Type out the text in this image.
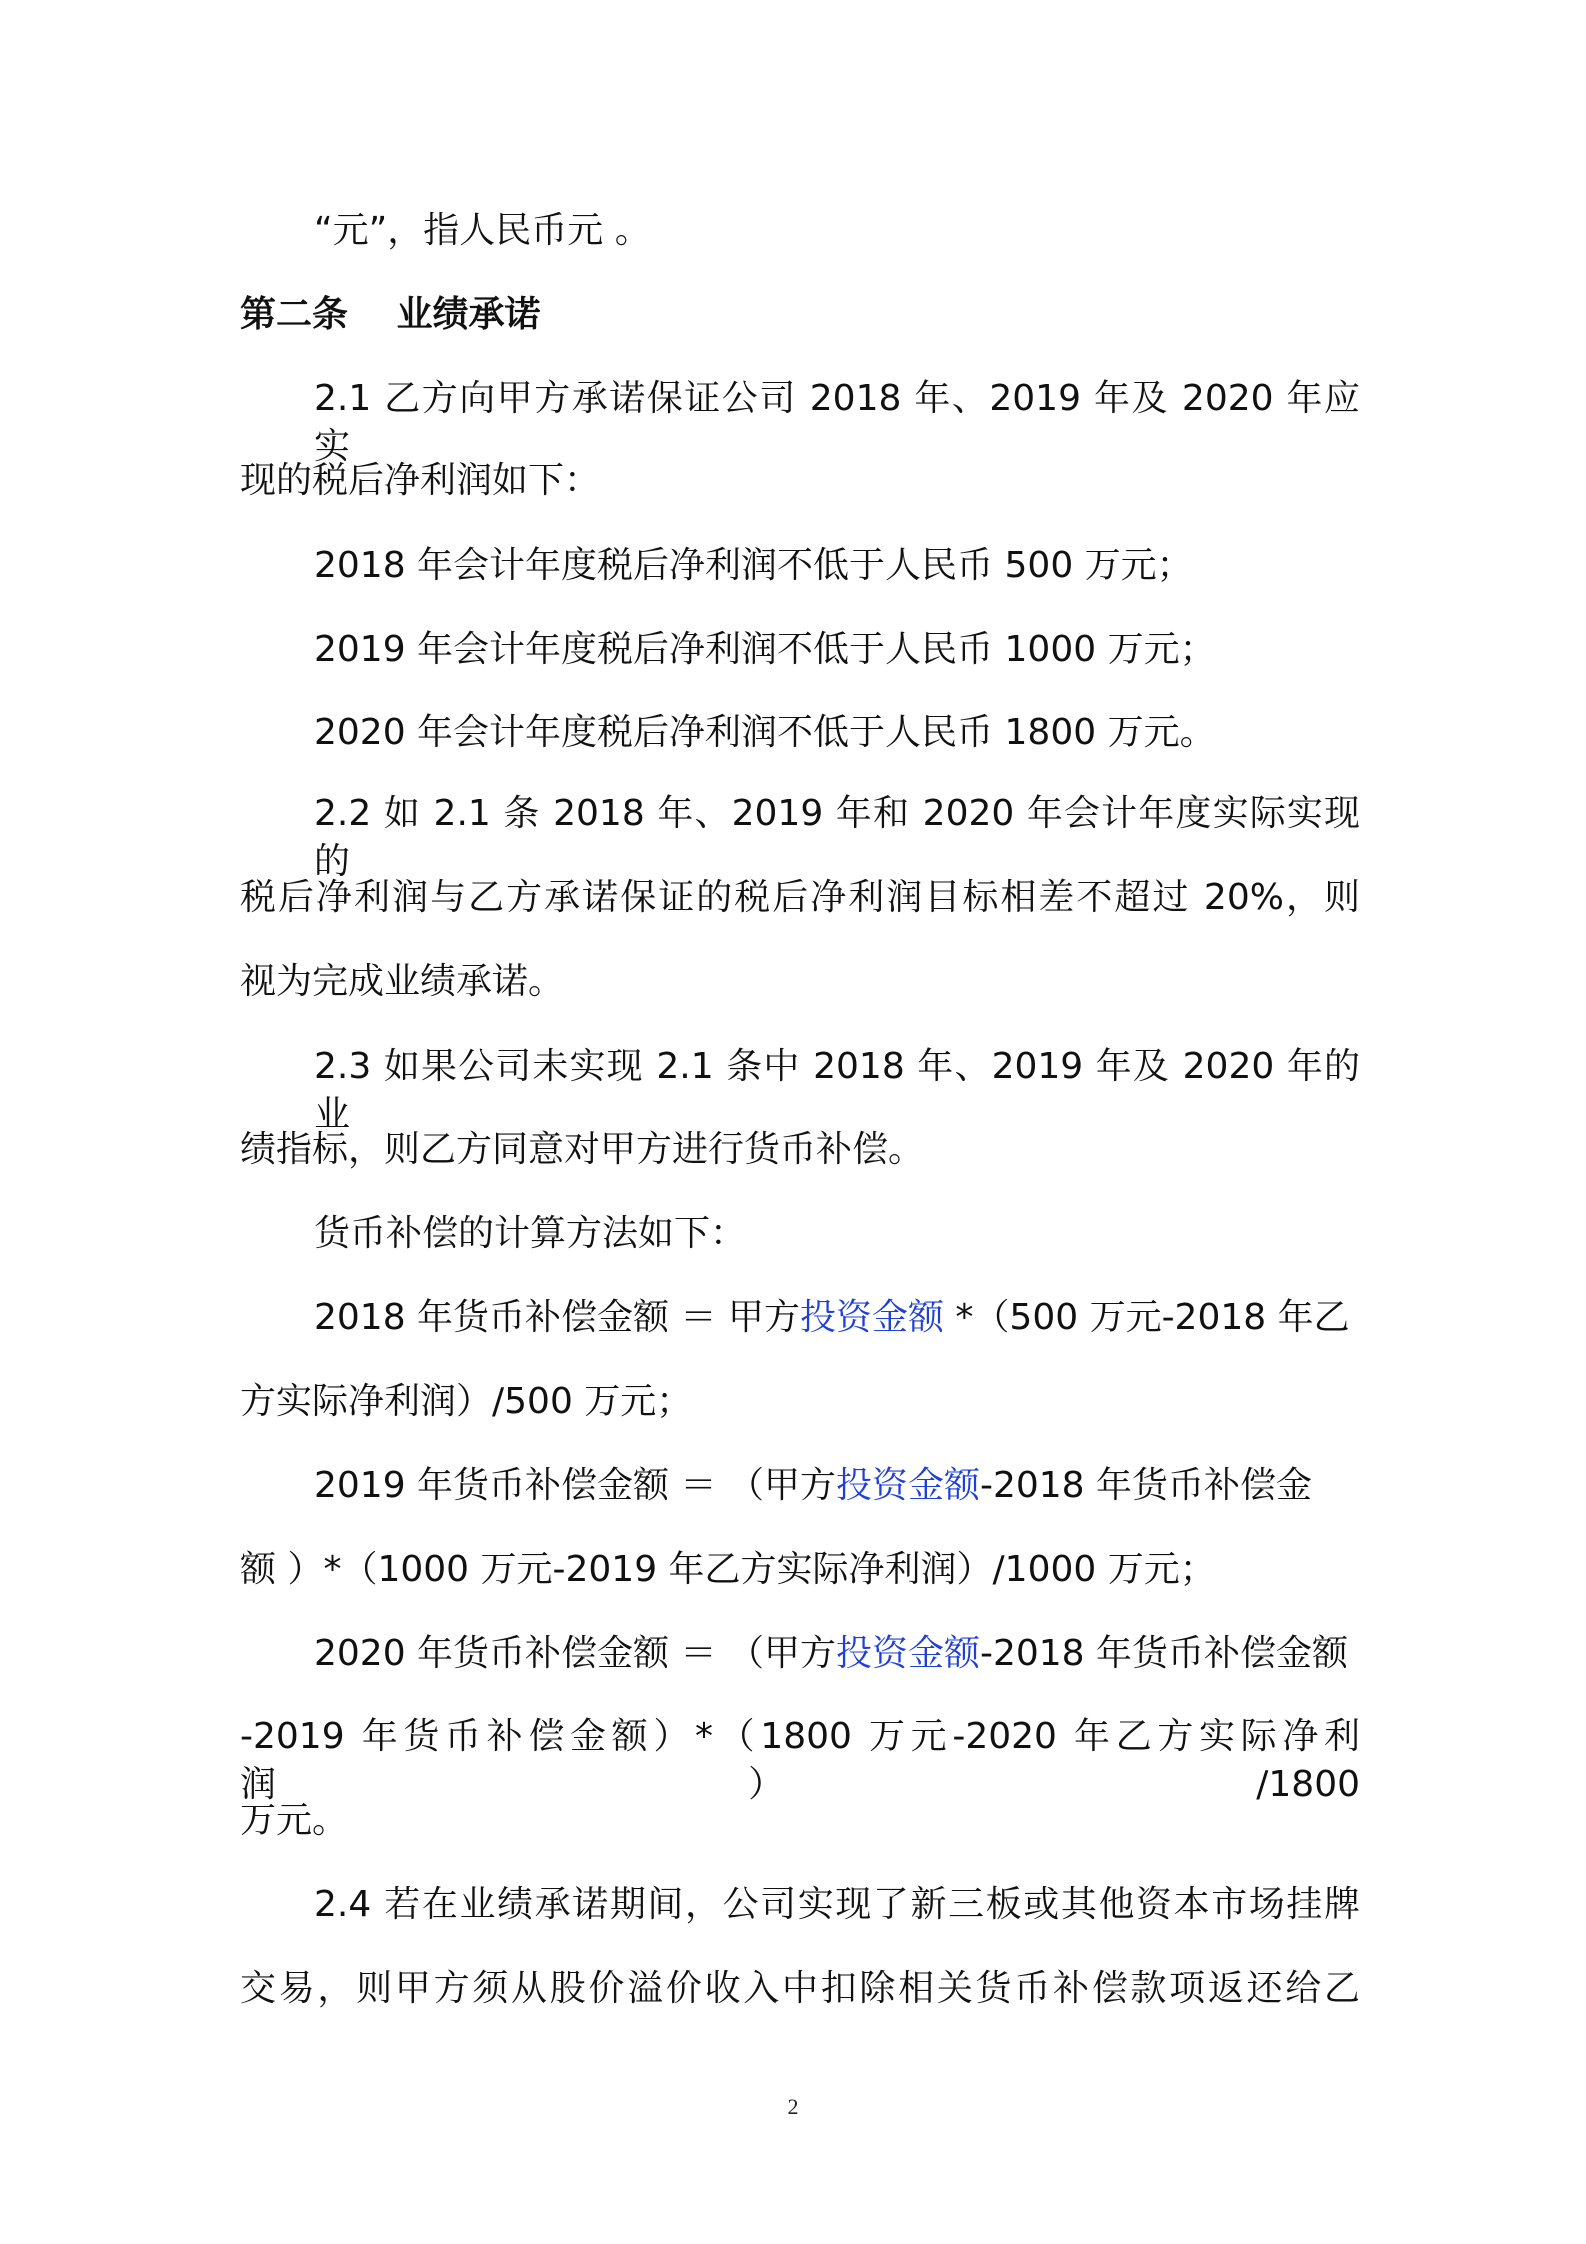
“元”，指人民币元 。
第二条　 业绩承诺
2.1 乙方向甲方承诺保证公司 2018 年、2019 年及 2020 年应实
现的税后净利润如下：
2018 年会计年度税后净利润不低于人民币 500 万元；
2019 年会计年度税后净利润不低于人民币 1000 万元；
2020 年会计年度税后净利润不低于人民币 1800 万元。
2.2 如 2.1 条 2018 年、2019 年和 2020 年会计年度实际实现的
税后净利润与乙方承诺保证的税后净利润目标相差不超过 20%，则
视为完成业绩承诺。
2.3 如果公司未实现 2.1 条中 2018 年、2019 年及 2020 年的业
绩指标，则乙方同意对甲方进行货币补偿。
货币补偿的计算方法如下：
2018 年货币补偿金额 ＝ 甲方投资金额 *（500 万元-2018 年乙
方实际净利润）/500 万元；
2019 年货币补偿金额 ＝ （甲方投资金额-2018 年货币补偿金
额 ）*（1000 万元-2019 年乙方实际净利润）/1000 万元；
2020 年货币补偿金额 ＝ （甲方投资金额-2018 年货币补偿金额
-2019 年货币补偿金额）*（1800 万元-2020 年乙方实际净利润）/1800
万元。
2.4 若在业绩承诺期间，公司实现了新三板或其他资本市场挂牌
交易，则甲方须从股价溢价收入中扣除相关货币补偿款项返还给乙
2
